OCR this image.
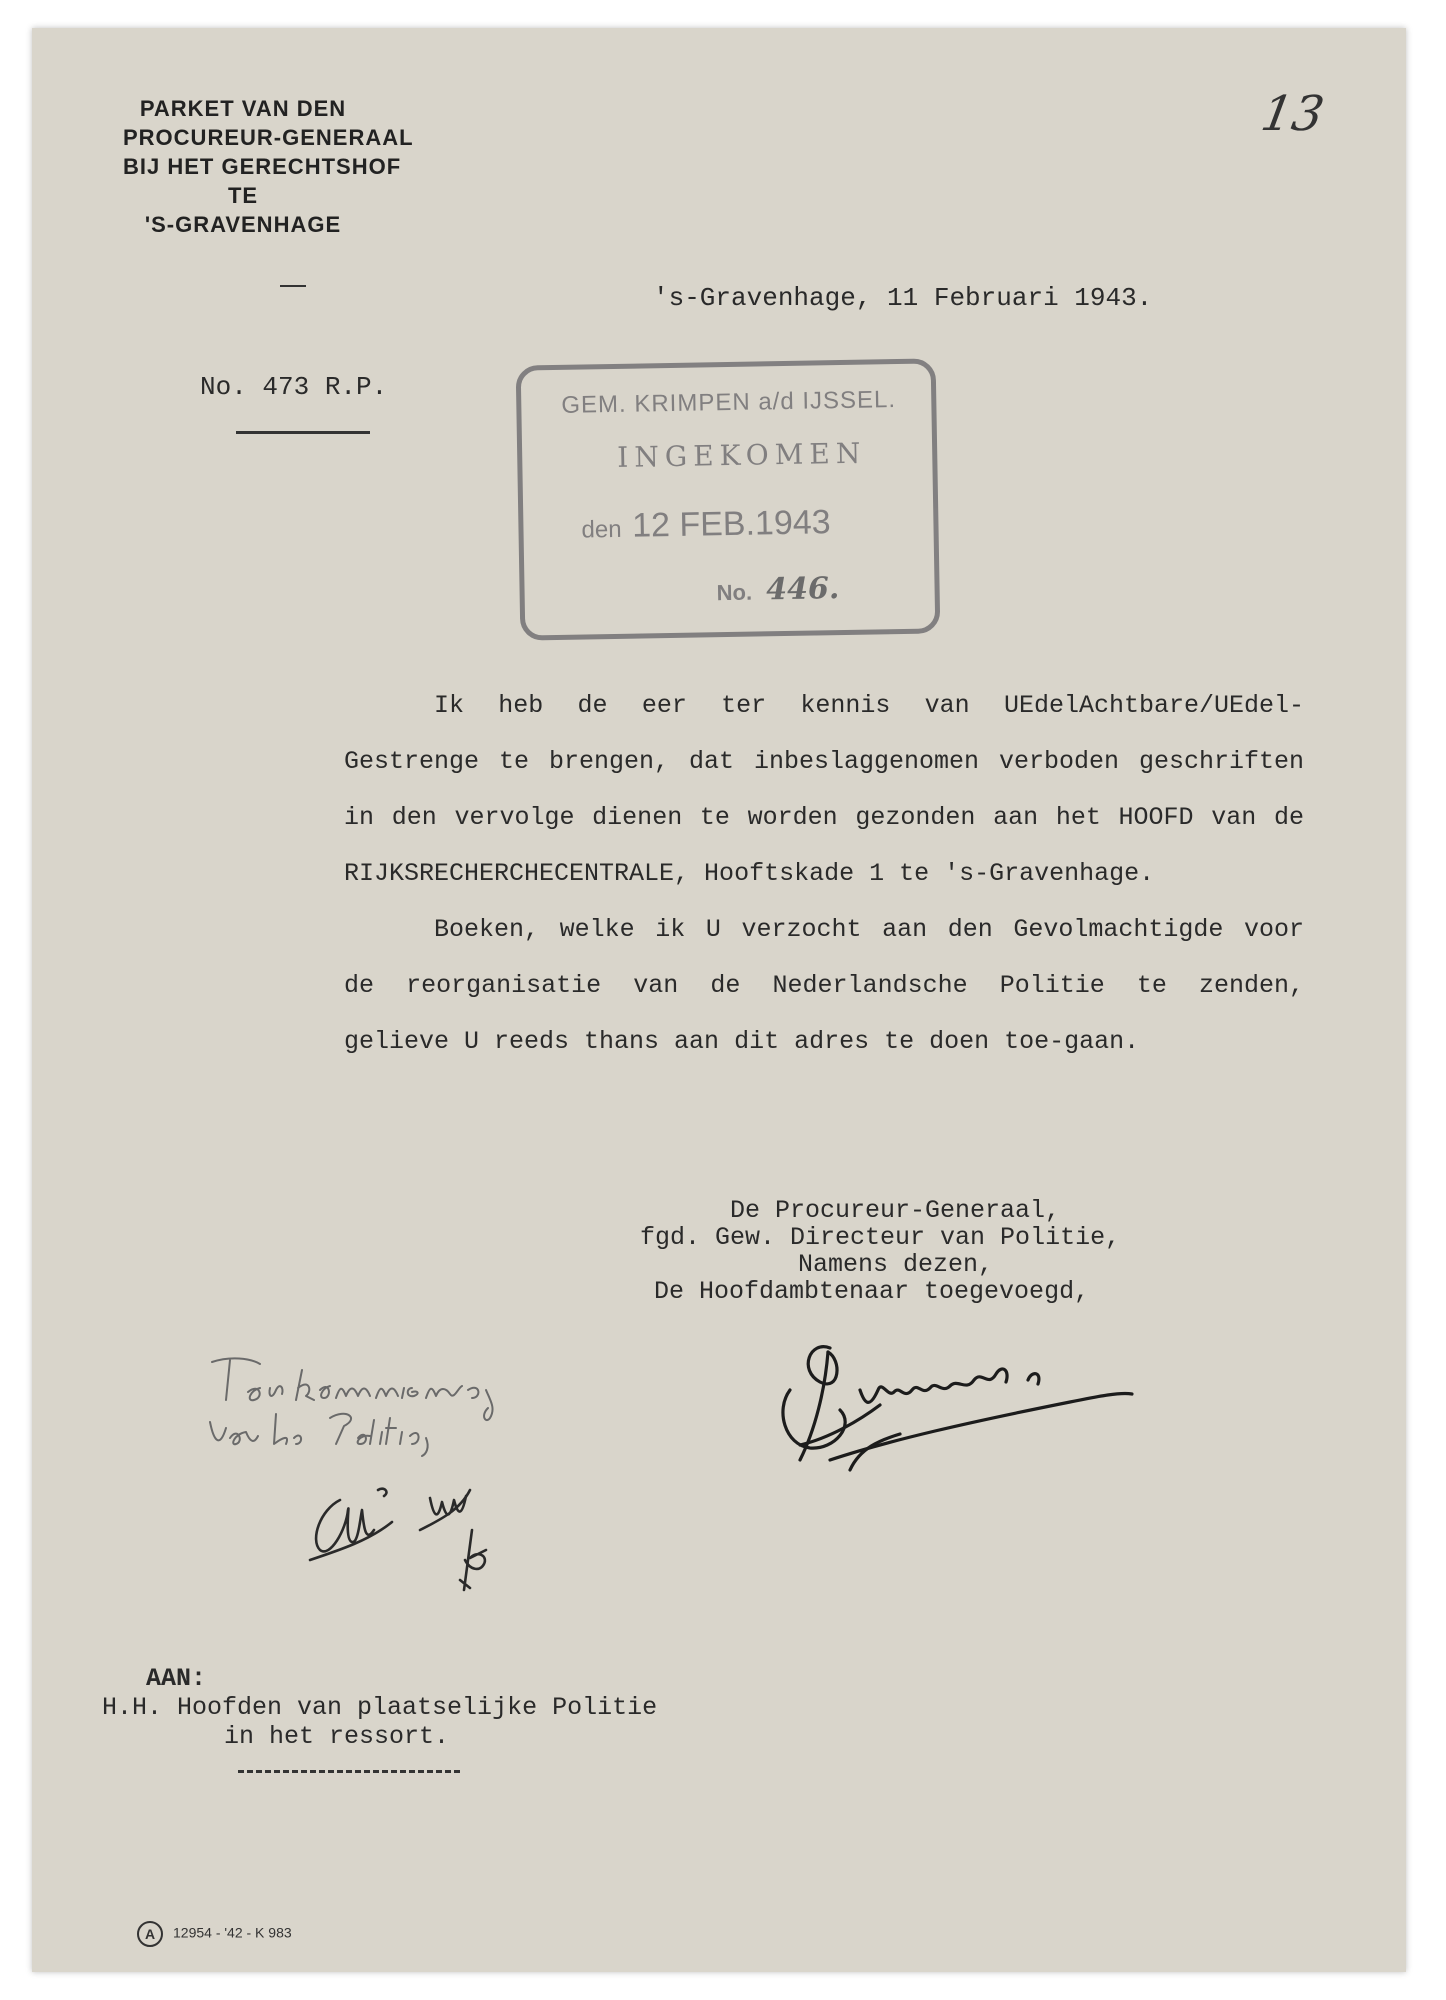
PARKET VAN DEN
PROCUREUR-GENERAAL
BIJ HET GERECHTSHOF
TE
'S-GRAVENHAGE
13
's-Gravenhage, 11 Februari 1943.
No. 473 R.P.	GEM. KRIMPEN a/d IJSSEL.
INGEKOMEN
den 12 FEB.1943
No. 446.

Ik heb de eer ter kennis van UEdelAchtbare/UEdel-Gestrenge te brengen, dat inbeslaggenomen verboden geschriften in den vervolge dienen te worden gezonden aan het HOOFD van de RIJKSRECHERCHECENTRALE, Hooftskade 1 te 's-Gravenhage.

Boeken, welke ik U verzocht aan den Gevolmachtigde voor de reorganisatie van de Nederlandsche Politie te zenden, gelieve U reeds thans aan dit adres te doen toe-gaan.

De Procureur-Generaal,
fgd. Gew. Directeur van Politie,
Namens dezen,
De Hoofdambtenaar toegevoegd,
AAN:
H.H. Hoofden van plaatselijke Politie
in het ressort.
A 12954 - '42 - K 983
